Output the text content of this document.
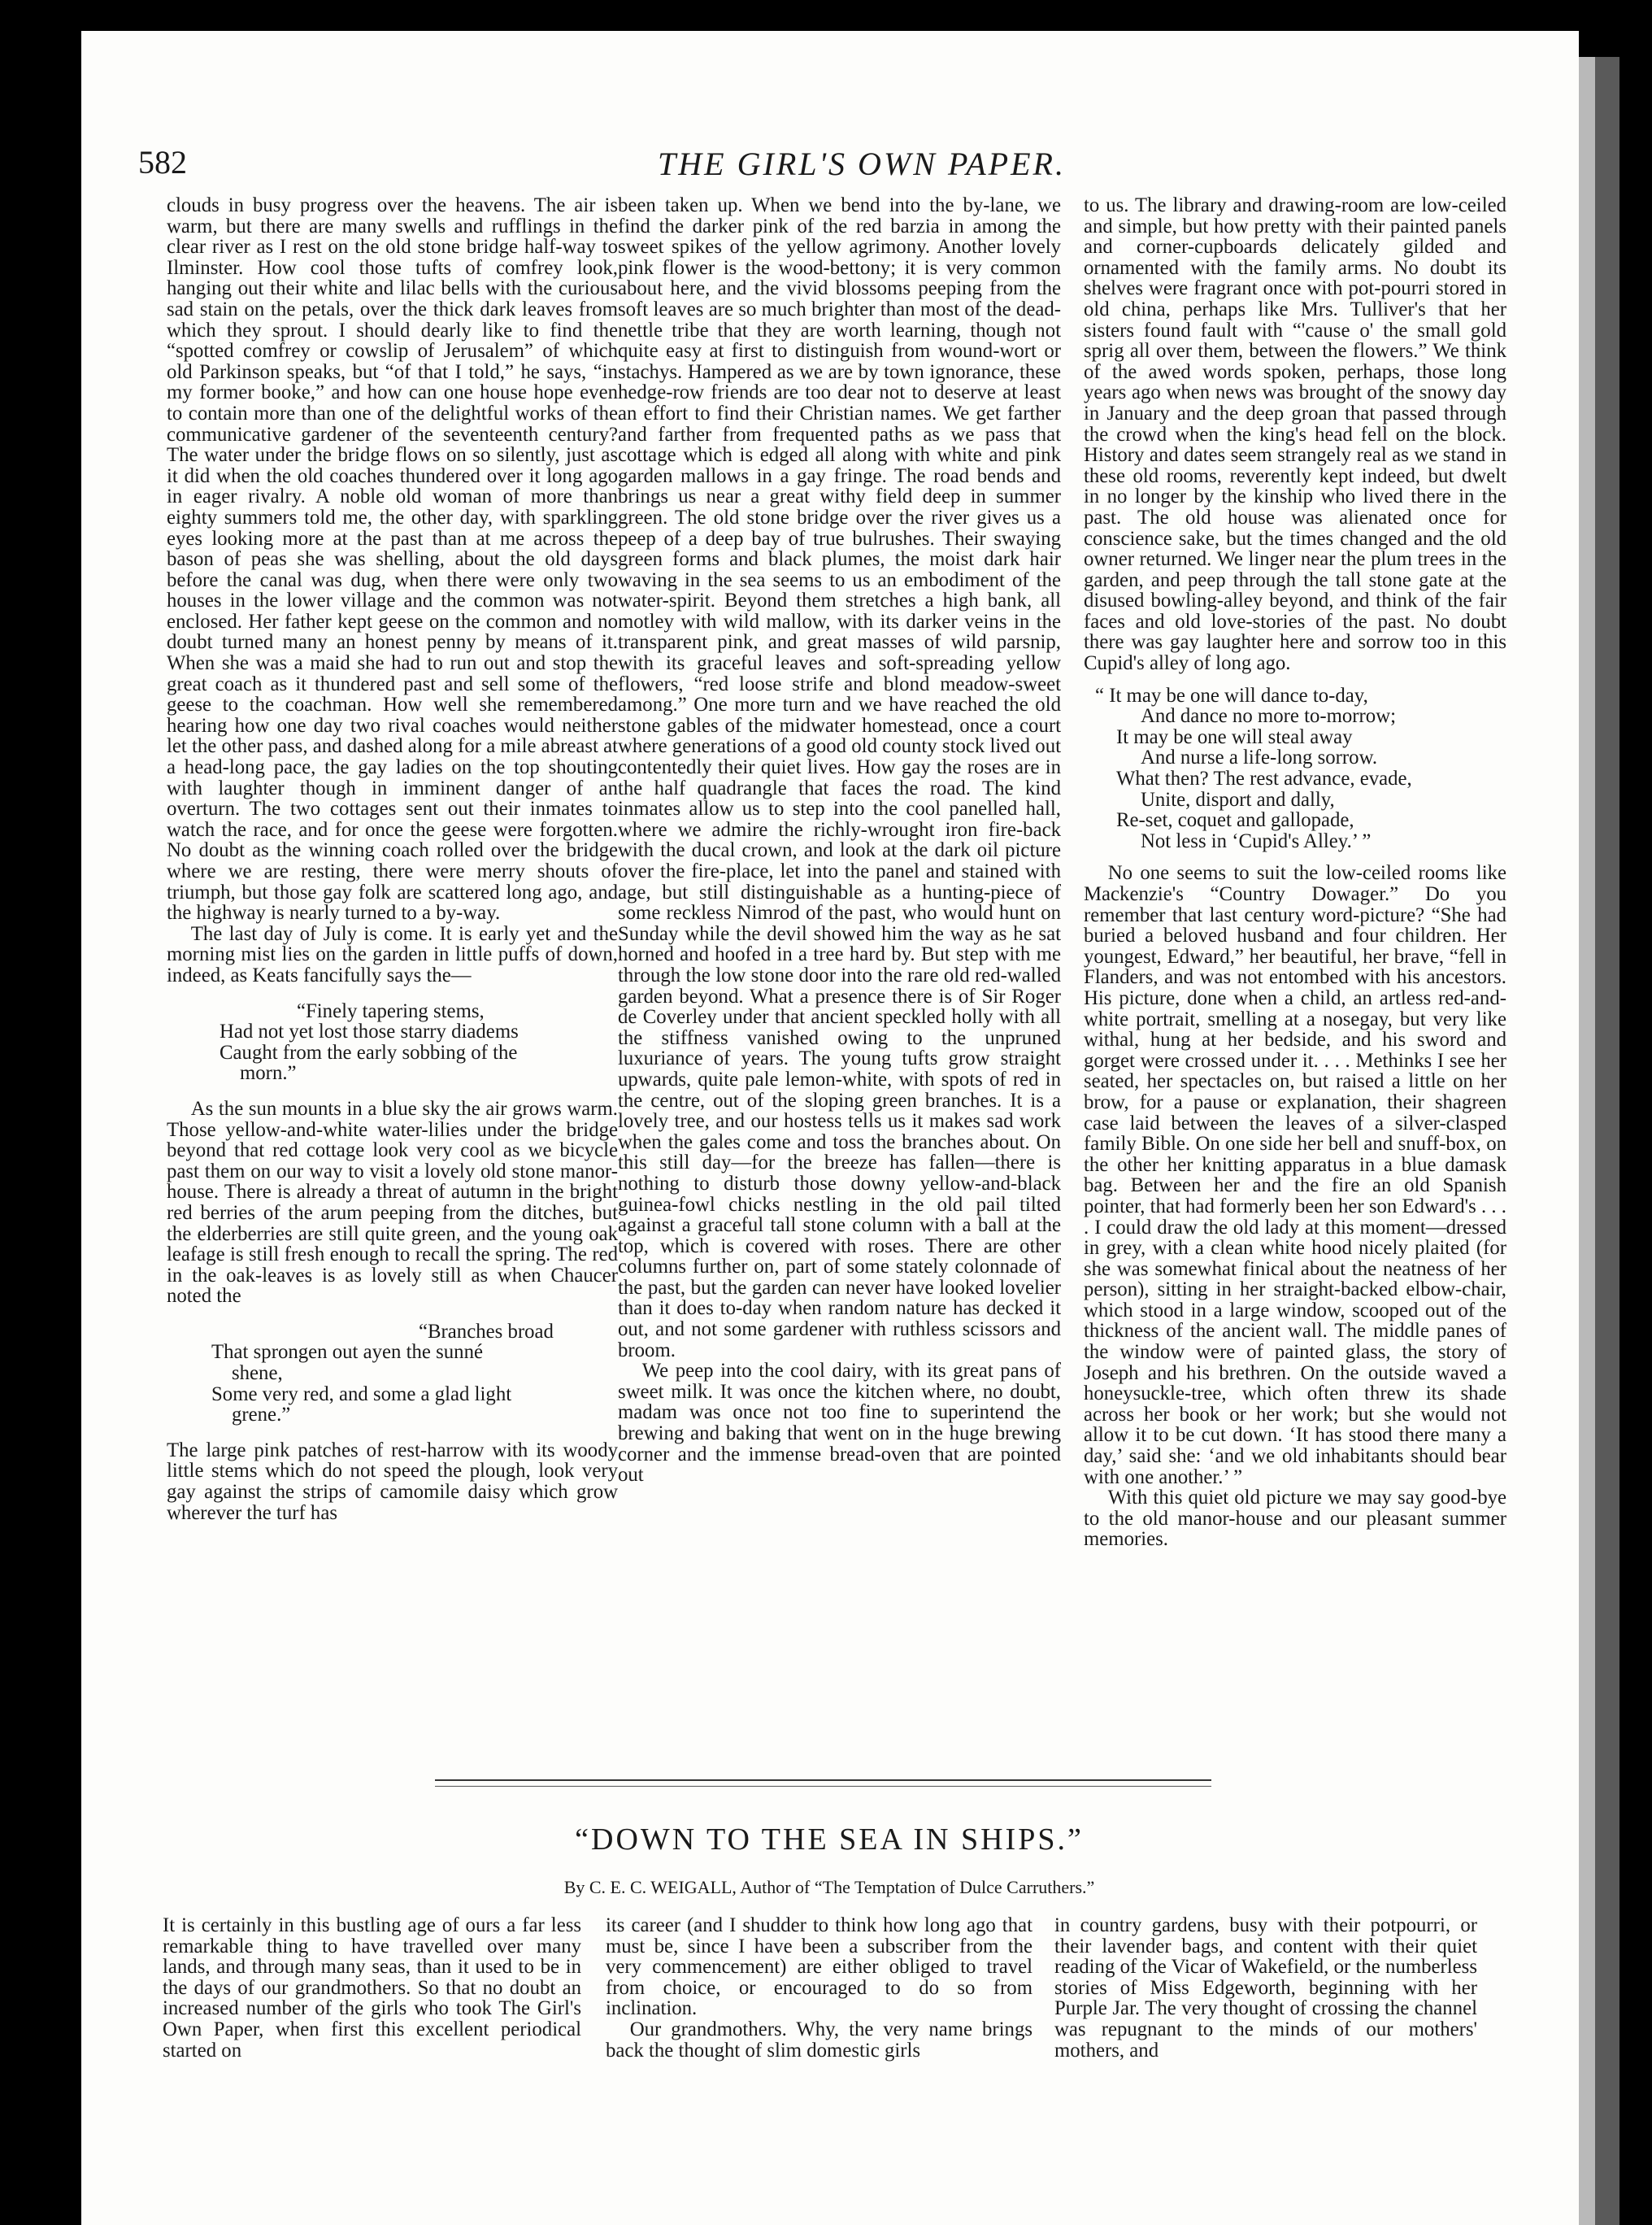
582	THE GIRL'S OWN PAPER.

clouds in busy progress over the heavens. The air is warm, but there are many swells and rufflings in the clear river as I rest on the old stone bridge half-way to Ilminster. How cool those tufts of comfrey look, hanging out their white and lilac bells with the curious sad stain on the petals, over the thick dark leaves from which they sprout. I should dearly like to find the “spotted comfrey or cowslip of Jerusalem” of which old Parkinson speaks, but “of that I told,” he says, “in my former booke,” and how can one house hope even to contain more than one of the delightful works of the communicative gardener of the seventeenth century? The water under the bridge flows on so silently, just as it did when the old coaches thundered over it long ago in eager rivalry. A noble old woman of more than eighty summers told me, the other day, with sparkling eyes looking more at the past than at me across the bason of peas she was shelling, about the old days before the canal was dug, when there were only two houses in the lower village and the common was not enclosed. Her father kept geese on the common and no doubt turned many an honest penny by means of it. When she was a maid she had to run out and stop the great coach as it thundered past and sell some of the geese to the coachman. How well she remembered hearing how one day two rival coaches would neither let the other pass, and dashed along for a mile abreast at a head-long pace, the gay ladies on the top shouting with laughter though in imminent danger of an overturn. The two cottages sent out their inmates to watch the race, and for once the geese were forgotten. No doubt as the winning coach rolled over the bridge where we are resting, there were merry shouts of triumph, but those gay folk are scattered long ago, and the highway is nearly turned to a by-way.

The last day of July is come. It is early yet and the morning mist lies on the garden in little puffs of down, indeed, as Keats fancifully says the—

“Finely tapering stems,
Had not yet lost those starry diadems
Caught from the early sobbing of the
morn.”

As the sun mounts in a blue sky the air grows warm. Those yellow-and-white water-lilies under the bridge beyond that red cottage look very cool as we bicycle past them on our way to visit a lovely old stone manor-house. There is already a threat of autumn in the bright red berries of the arum peeping from the ditches, but the elderberries are still quite green, and the young oak leafage is still fresh enough to recall the spring. The red in the oak-leaves is as lovely still as when Chaucer noted the

“Branches broad
That sprongen out ayen the sunné
shene,
Some very red, and some a glad light
grene.”

The large pink patches of rest-harrow with its woody little stems which do not speed the plough, look very gay against the strips of camomile daisy which grow wherever the turf has

been taken up. When we bend into the by-lane, we find the darker pink of the red barzia in among the sweet spikes of the yellow agrimony. Another lovely pink flower is the wood-bettony; it is very common about here, and the vivid blossoms peeping from the soft leaves are so much brighter than most of the dead-nettle tribe that they are worth learning, though not quite easy at first to distinguish from wound-wort or stachys. Hampered as we are by town ignorance, these hedge-row friends are too dear not to deserve at least an effort to find their Christian names. We get farther and farther from frequented paths as we pass that cottage which is edged all along with white and pink garden mallows in a gay fringe. The road bends and brings us near a great withy field deep in summer green. The old stone bridge over the river gives us a peep of a deep bay of true bulrushes. Their swaying green forms and black plumes, the moist dark hair waving in the sea seems to us an embodiment of the water-spirit. Beyond them stretches a high bank, all motley with wild mallow, with its darker veins in the transparent pink, and great masses of wild parsnip, with its graceful leaves and soft-spreading yellow flowers, “red loose strife and blond meadow-sweet among.” One more turn and we have reached the old stone gables of the midwater homestead, once a court where generations of a good old county stock lived out contentedly their quiet lives. How gay the roses are in the half quadrangle that faces the road. The kind inmates allow us to step into the cool panelled hall, where we admire the richly-wrought iron fire-back with the ducal crown, and look at the dark oil picture over the fire-place, let into the panel and stained with age, but still distinguishable as a hunting-piece of some reckless Nimrod of the past, who would hunt on Sunday while the devil showed him the way as he sat horned and hoofed in a tree hard by. But step with me through the low stone door into the rare old red-walled garden beyond. What a presence there is of Sir Roger de Coverley under that ancient speckled holly with all the stiffness vanished owing to the unpruned luxuriance of years. The young tufts grow straight upwards, quite pale lemon-white, with spots of red in the centre, out of the sloping green branches. It is a lovely tree, and our hostess tells us it makes sad work when the gales come and toss the branches about. On this still day—for the breeze has fallen—there is nothing to disturb those downy yellow-and-black guinea-fowl chicks nestling in the old pail tilted against a graceful tall stone column with a ball at the top, which is covered with roses. There are other columns further on, part of some stately colonnade of the past, but the garden can never have looked lovelier than it does to-day when random nature has decked it out, and not some gardener with ruthless scissors and broom.

We peep into the cool dairy, with its great pans of sweet milk. It was once the kitchen where, no doubt, madam was once not too fine to superintend the brewing and baking that went on in the huge brewing corner and the immense bread-oven that are pointed out

to us. The library and drawing-room are low-ceiled and simple, but how pretty with their painted panels and corner-cupboards delicately gilded and ornamented with the family arms. No doubt its shelves were fragrant once with pot-pourri stored in old china, perhaps like Mrs. Tulliver's that her sisters found fault with “'cause o' the small gold sprig all over them, between the flowers.” We think of the awed words spoken, perhaps, those long years ago when news was brought of the snowy day in January and the deep groan that passed through the crowd when the king's head fell on the block. History and dates seem strangely real as we stand in these old rooms, reverently kept indeed, but dwelt in no longer by the kinship who lived there in the past. The old house was alienated once for conscience sake, but the times changed and the old owner returned. We linger near the plum trees in the garden, and peep through the tall stone gate at the disused bowling-alley beyond, and think of the fair faces and old love-stories of the past. No doubt there was gay laughter here and sorrow too in this Cupid's alley of long ago.

“ It may be one will dance to-day,
And dance no more to-morrow;
It may be one will steal away
And nurse a life-long sorrow.
What then? The rest advance, evade,
Unite, disport and dally,
Re-set, coquet and gallopade,
Not less in ‘Cupid's Alley.’ ”

No one seems to suit the low-ceiled rooms like Mackenzie's “Country Dowager.” Do you remember that last century word-picture? “She had buried a beloved husband and four children. Her youngest, Edward,” her beautiful, her brave, “fell in Flanders, and was not entombed with his ancestors. His picture, done when a child, an artless red-and-white portrait, smelling at a nosegay, but very like withal, hung at her bedside, and his sword and gorget were crossed under it. . . . Methinks I see her seated, her spectacles on, but raised a little on her brow, for a pause or explanation, their shagreen case laid between the leaves of a silver-clasped family Bible. On one side her bell and snuff-box, on the other her knitting apparatus in a blue damask bag. Between her and the fire an old Spanish pointer, that had formerly been her son Edward's . . . . I could draw the old lady at this moment—dressed in grey, with a clean white hood nicely plaited (for she was somewhat finical about the neatness of her person), sitting in her straight-backed elbow-chair, which stood in a large window, scooped out of the thickness of the ancient wall. The middle panes of the window were of painted glass, the story of Joseph and his brethren. On the outside waved a honeysuckle-tree, which often threw its shade across her book or her work; but she would not allow it to be cut down. ‘It has stood there many a day,’ said she: ‘and we old inhabitants should bear with one another.’ ”

With this quiet old picture we may say good-bye to the old manor-house and our pleasant summer memories.

“DOWN TO THE SEA IN SHIPS.”
By C. E. C. WEIGALL, Author of “The Temptation of Dulce Carruthers.”

It is certainly in this bustling age of ours a far less remarkable thing to have travelled over many lands, and through many seas, than it used to be in the days of our grandmothers. So that no doubt an increased number of the girls who took The Girl's Own Paper, when first this excellent periodical started on

its career (and I shudder to think how long ago that must be, since I have been a subscriber from the very commencement) are either obliged to travel from choice, or encouraged to do so from inclination.

Our grandmothers. Why, the very name brings back the thought of slim domestic girls

in country gardens, busy with their potpourri, or their lavender bags, and content with their quiet reading of the Vicar of Wakefield, or the numberless stories of Miss Edgeworth, beginning with her Purple Jar. The very thought of crossing the channel was repugnant to the minds of our mothers' mothers, and
